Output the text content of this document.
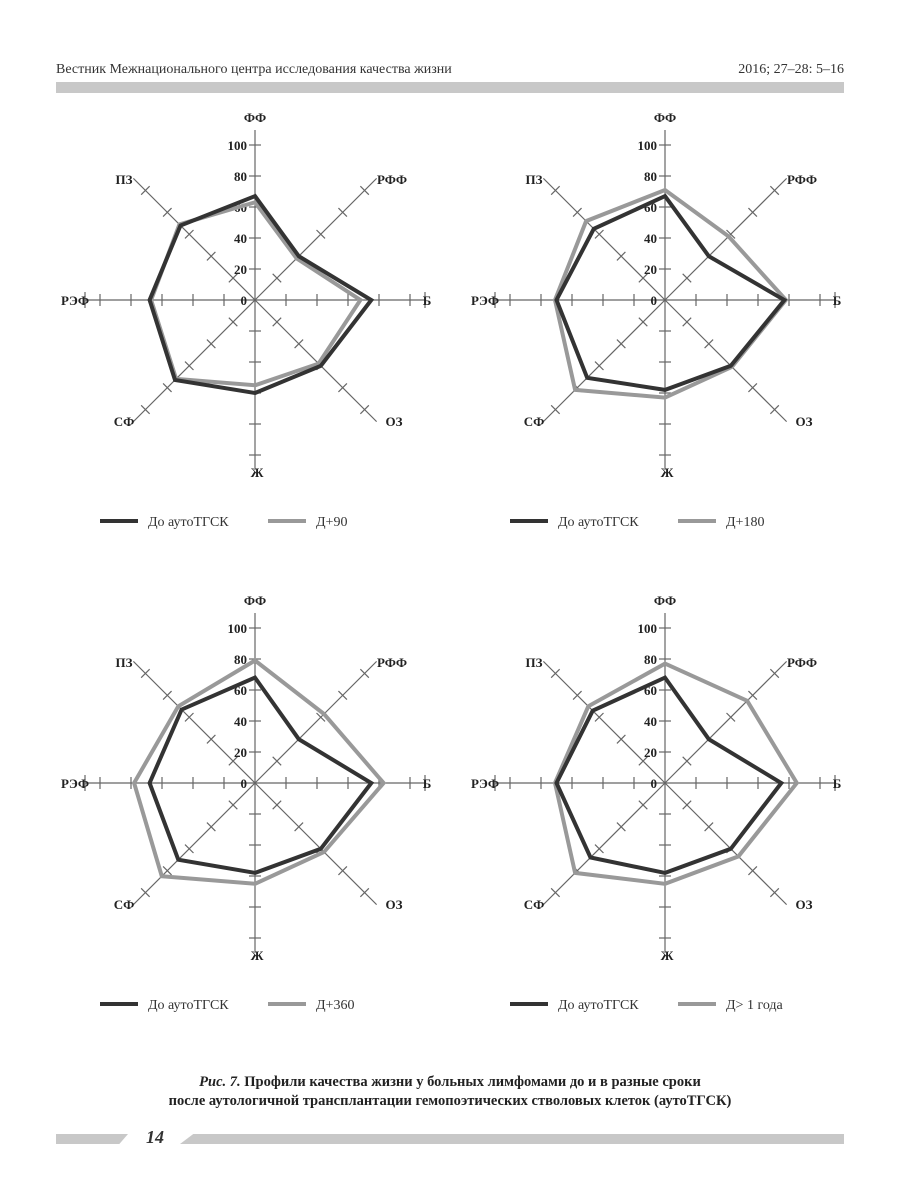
Вестник Межнационального центра исследования качества жизни	2016; 27–28: 5–16
ФФ
РФФ
Б
ОЗ
Ж
СФ
РЭФ
ПЗ
0
20
40
60
80
100
До аутоТГСК	Д+90
ФФ
РФФ
Б
ОЗ
Ж
СФ
РЭФ
ПЗ
0
20
40
60
80
100
До аутоТГСК	Д+180
ФФ
РФФ
Б
ОЗ
Ж
СФ
РЭФ
ПЗ
0
20
40
60
80
100
До аутоТГСК	Д+360
ФФ
РФФ
Б
ОЗ
Ж
СФ
РЭФ
ПЗ
0
20
40
60
80
100
До аутоТГСК	Д> 1 года
Рис. 7. Профили качества жизни у больных лимфомами до и в разные сроки
после аутологичной трансплантации гемопоэтических стволовых клеток (аутоТГСК)
14
